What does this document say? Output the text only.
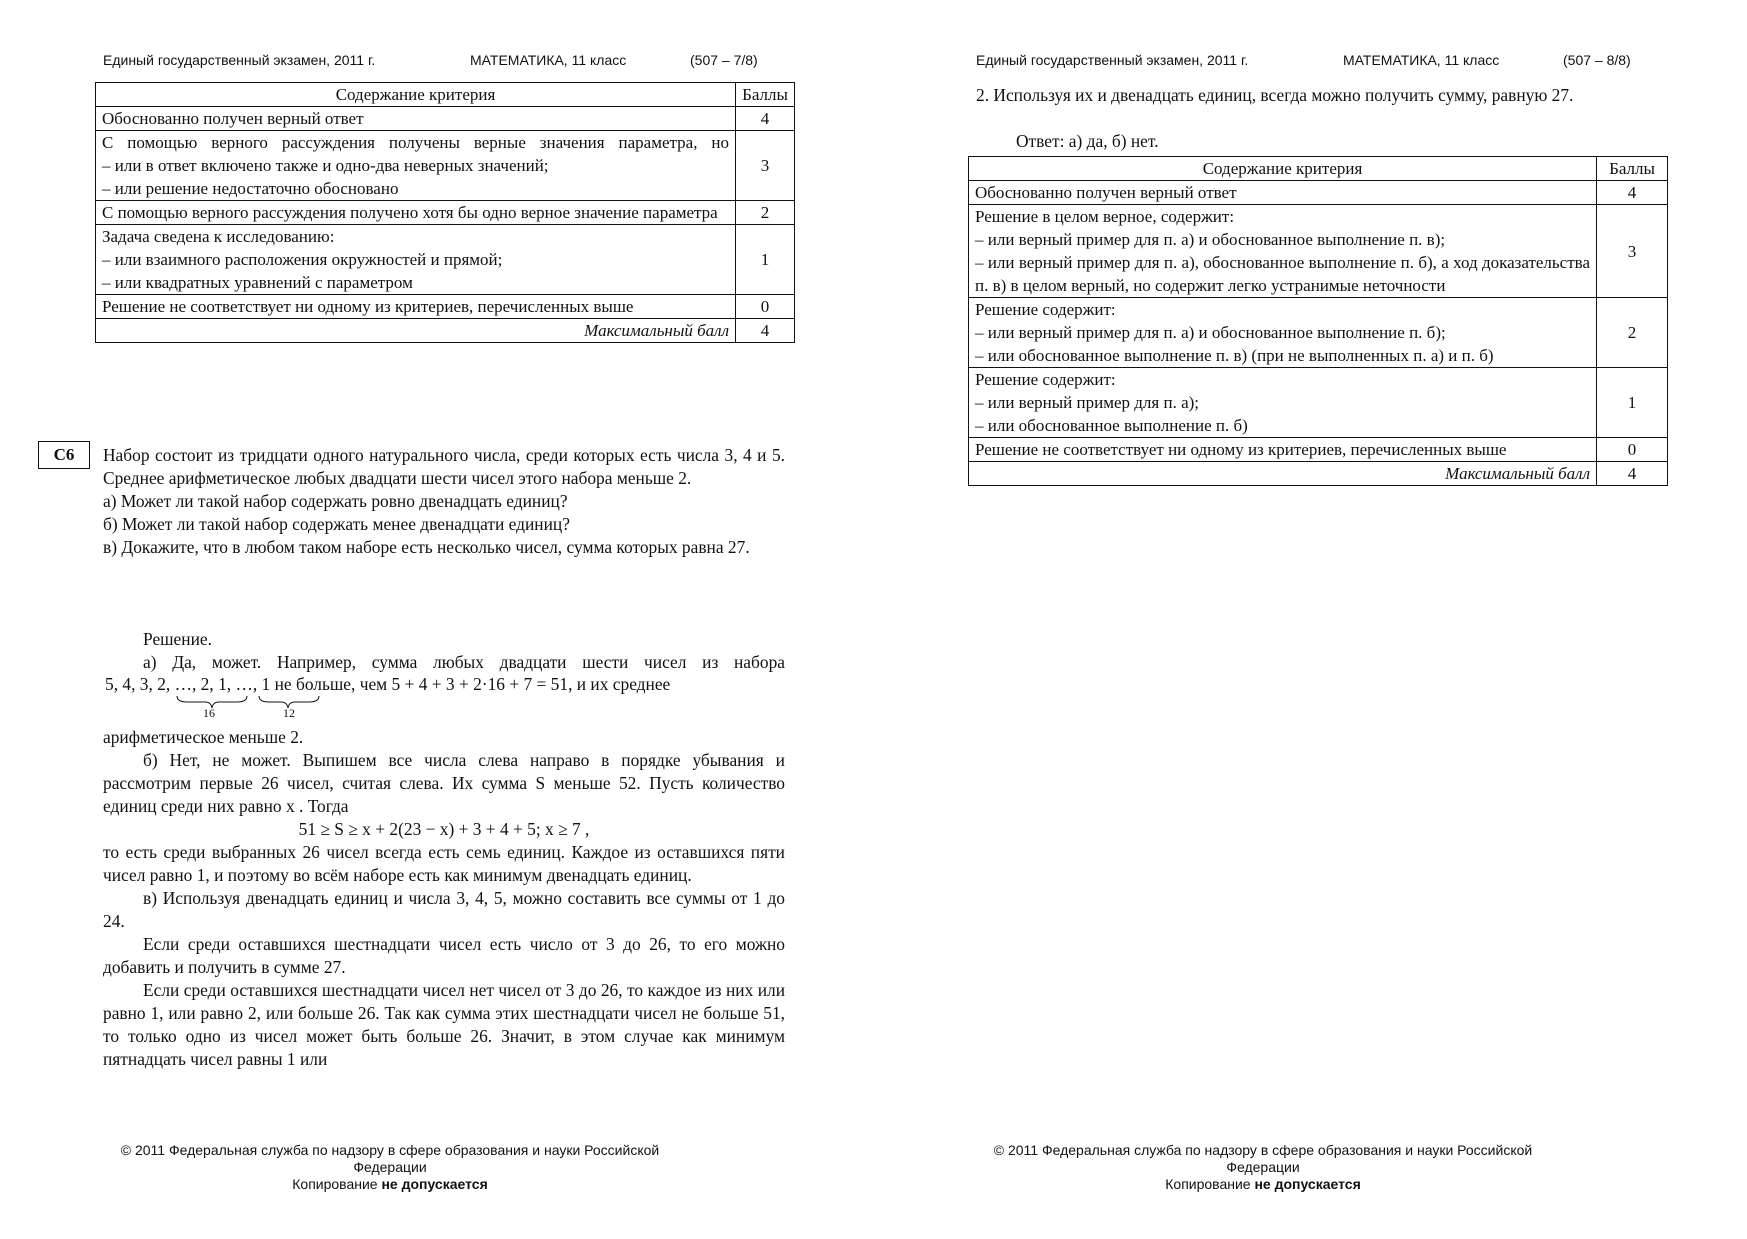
Единый государственный экзамен, 2011 г.	МАТЕМАТИКА, 11 класс	(507 – 7/8)
Содержание критерия	Баллы

Обоснованно получен верный ответ	4

С помощью верного рассуждения получены верные значения параметра, но
– или в ответ включено также и одно-два неверных значений;
– или решение недостаточно обосновано	3

С помощью верного рассуждения получено хотя бы одно верное значение параметра	2

Задача сведена к исследованию:
– или взаимного расположения окружностей и прямой;
– или квадратных уравнений с параметром	1

Решение не соответствует ни одному из критериев, перечисленных выше	0
Максимальный балл	4
С6	Набор состоит из тридцати одного натурального числа, среди которых есть числа 3, 4 и 5. Среднее арифметическое любых двадцати шести чисел этого набора меньше 2.

а) Может ли такой набор содержать ровно двенадцать единиц?

б) Может ли такой набор содержать менее двенадцати единиц?

в) Докажите, что в любом таком наборе есть несколько чисел, сумма которых равна 27.

Решение.
а) Да, может. Например, сумма любых двадцати шести чисел из набора
5, 4, 3, 2, …, 2, 1, …, 1 не больше, чем 5 + 4 + 3 + 2·16 + 7 = 51, и их среднее
16	12
арифметическое меньше 2.

б) Нет, не может. Выпишем все числа слева направо в порядке убывания и рассмотрим первые 26 чисел, считая слева. Их сумма S меньше 52. Пусть количество единиц среди них равно x . Тогда

51 ≥ S ≥ x + 2(23 − x) + 3 + 4 + 5; x ≥ 7 ,

то есть среди выбранных 26 чисел всегда есть семь единиц. Каждое из оставшихся пяти чисел равно 1, и поэтому во всём наборе есть как минимум двенадцать единиц.

в) Используя двенадцать единиц и числа 3, 4, 5, можно составить все суммы от 1 до 24.

Если среди оставшихся шестнадцати чисел есть число от 3 до 26, то его можно добавить и получить в сумме 27.

Если среди оставшихся шестнадцати чисел нет чисел от 3 до 26, то каждое из них или равно 1, или равно 2, или больше 26. Так как сумма этих шестнадцати чисел не больше 51, то только одно из чисел может быть больше 26. Значит, в этом случае как минимум пятнадцать чисел равны 1 или

© 2011 Федеральная служба по надзору в сфере образования и науки Российской Федерации
Копирование не допускается
Единый государственный экзамен, 2011 г.	МАТЕМАТИКА, 11 класс	(507 – 8/8)
2. Используя их и двенадцать единиц, всегда можно получить сумму, равную 27.
Ответ: а) да, б) нет.
Содержание критерия	Баллы

Обоснованно получен верный ответ	4

Решение в целом верное, содержит:
– или верный пример для п. а) и обоснованное выполнение п. в);
– или верный пример для п. а), обоснованное выполнение п. б), а ход доказательства п. в) в целом верный, но содержит легко устранимые неточности	3

Решение содержит:
– или верный пример для п. а) и обоснованное выполнение п. б);
– или обоснованное выполнение п. в) (при не выполненных п. а) и п. б)	2

Решение содержит:
– или верный пример для п. а);
– или обоснованное выполнение п. б)	1

Решение не соответствует ни одному из критериев, перечисленных выше	0
Максимальный балл	4
© 2011 Федеральная служба по надзору в сфере образования и науки Российской Федерации
Копирование не допускается
